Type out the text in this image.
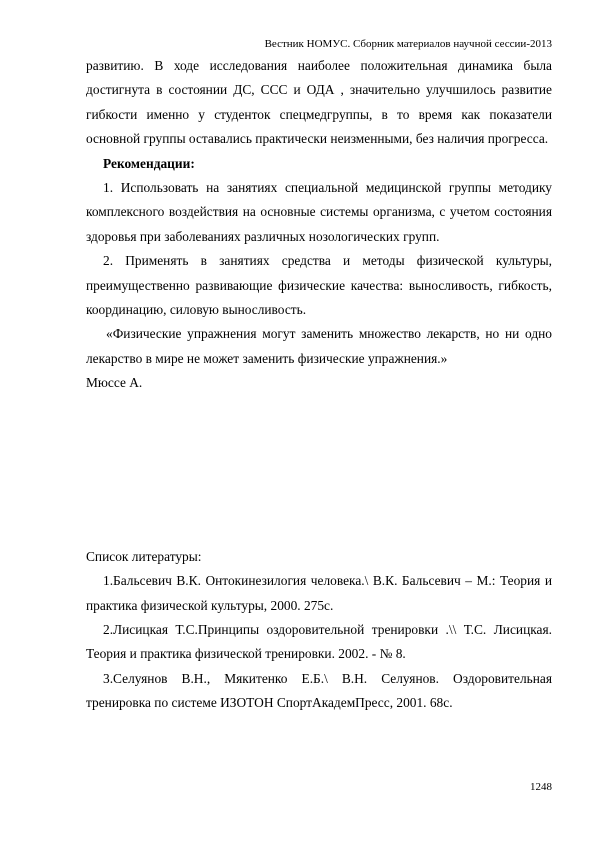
Вестник НОМУС. Сборник материалов научной сессии-2013

развитию. В ходе исследования наиболее положительная динамика была достигнута в состоянии ДС, ССС и ОДА , значительно улучшилось развитие гибкости именно у студенток спецмедгруппы, в то время как показатели основной группы оставались практически неизменными, без наличия прогресса.

Рекомендации:

1. Использовать на занятиях специальной медицинской группы методику комплексного воздействия на основные системы организма, с учетом состояния здоровья при заболеваниях различных нозологических групп.

2. Применять в занятиях средства и методы физической культуры, преимущественно развивающие физические качества: выносливость, гибкость, координацию, силовую выносливость.

«Физические упражнения могут заменить множество лекарств, но ни одно лекарство в мире не может заменить физические упражнения.»

Мюссе А.

Список литературы:

1.Бальсевич В.К. Онтокинезилогия человека.\ В.К. Бальсевич – М.: Теория и практика физической культуры, 2000. 275с.

2.Лисицкая Т.С.Принципы оздоровительной тренировки .\\ Т.С. Лисицкая. Теория и практика физической тренировки. 2002. - № 8.

3.Селуянов В.Н., Мякитенко Е.Б.\ В.Н. Селуянов. Оздоровительная тренировка по системе ИЗОТОН СпортАкадемПресс, 2001. 68с.

1248
